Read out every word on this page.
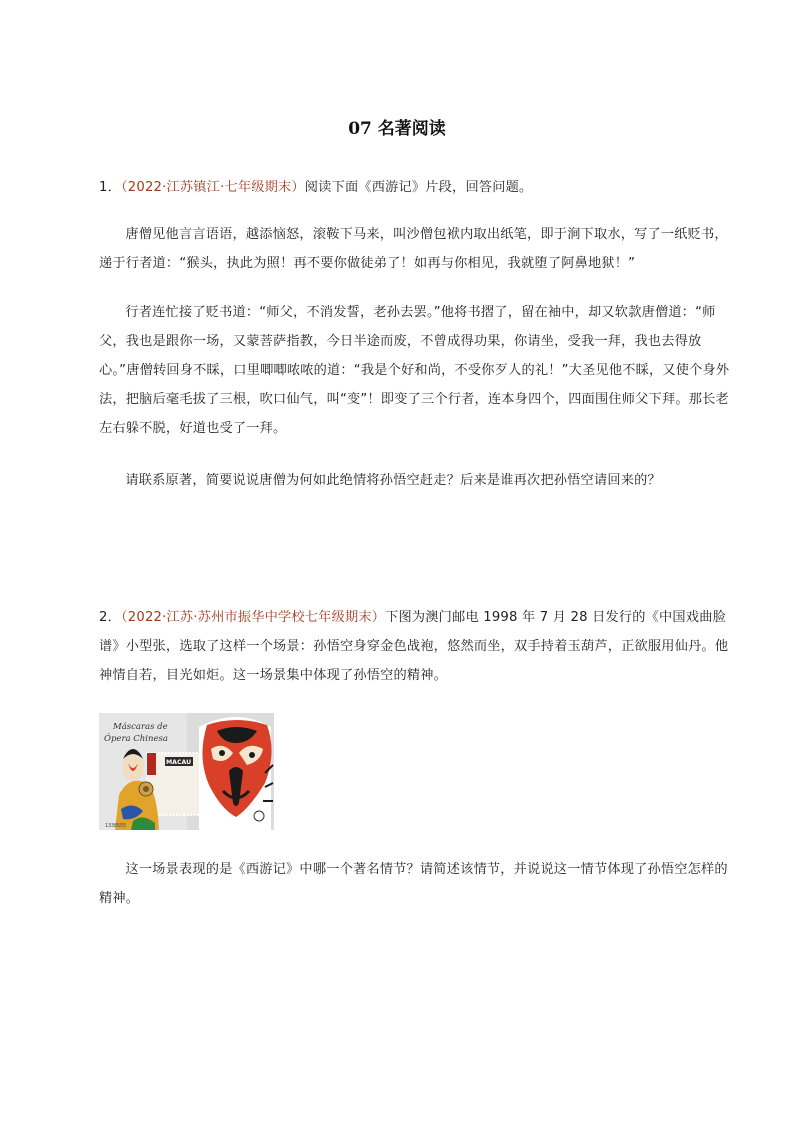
07 名著阅读
1．（2022·江苏镇江·七年级期末）阅读下面《西游记》片段，回答问题。
唐僧见他言言语语，越添恼怒，滚鞍下马来，叫沙僧包袱内取出纸笔，即于涧下取水，写了一纸贬书，递于行者道：“猴头，执此为照！再不要你做徒弟了！如再与你相见，我就堕了阿鼻地狱！”
行者连忙接了贬书道：“师父，不消发誓，老孙去罢。”他将书摺了，留在袖中，却又软款唐僧道：“师父，我也是跟你一场，又蒙菩萨指教，今日半途而废，不曾成得功果，你请坐，受我一拜，我也去得放心。”唐僧转回身不睬，口里唧唧哝哝的道：“我是个好和尚，不受你歹人的礼！”大圣见他不睬，又使个身外法，把脑后毫毛拔了三根，吹口仙气，叫“变”！即变了三个行者，连本身四个，四面围住师父下拜。那长老左右躲不脱，好道也受了一拜。
请联系原著，简要说说唐僧为何如此绝情将孙悟空赶走？后来是谁再次把孙悟空请回来的？
2．（2022·江苏·苏州市振华中学校七年级期末）下图为澳门邮电 1998 年 7 月 28 日发行的《中国戏曲脸谱》小型张，选取了这样一个场景：孙悟空身穿金色战袍，悠然而坐，双手持着玉葫芦，正欲服用仙丹。他神情自若，目光如炬。这一场景集中体现了孙悟空的精神。
Máscaras de
Ópera Chinesa
MACAU
1338555
这一场景表现的是《西游记》中哪一个著名情节？请简述该情节，并说说这一情节体现了孙悟空怎样的精神。
